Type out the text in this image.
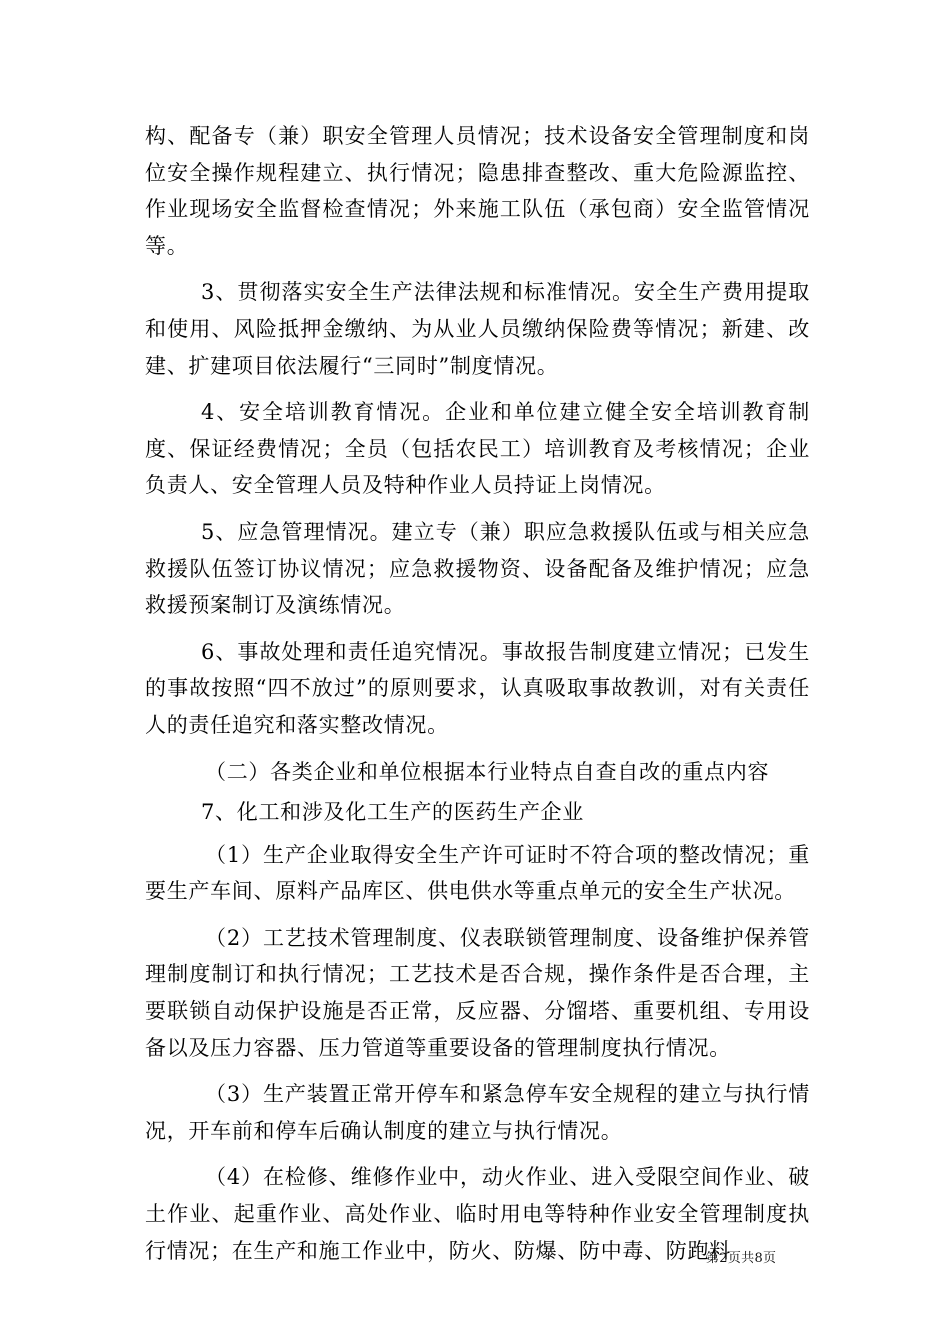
构、配备专（兼）职安全管理人员情况；技术设备安全管理制度和岗位安全操作规程建立、执行情况；隐患排查整改、重大危险源监控、作业现场安全监督检查情况；外来施工队伍（承包商）安全监管情况等。

3、贯彻落实安全生产法律法规和标准情况。安全生产费用提取和使用、风险抵押金缴纳、为从业人员缴纳保险费等情况；新建、改建、扩建项目依法履行“三同时”制度情况。

4、安全培训教育情况。企业和单位建立健全安全培训教育制度、保证经费情况；全员（包括农民工）培训教育及考核情况；企业负责人、安全管理人员及特种作业人员持证上岗情况。

5、应急管理情况。建立专（兼）职应急救援队伍或与相关应急救援队伍签订协议情况；应急救援物资、设备配备及维护情况；应急救援预案制订及演练情况。

6、事故处理和责任追究情况。事故报告制度建立情况；已发生的事故按照“四不放过”的原则要求，认真吸取事故教训，对有关责任人的责任追究和落实整改情况。

（二）各类企业和单位根据本行业特点自查自改的重点内容

7、化工和涉及化工生产的医药生产企业

（1）生产企业取得安全生产许可证时不符合项的整改情况；重要生产车间、原料产品库区、供电供水等重点单元的安全生产状况。

（2）工艺技术管理制度、仪表联锁管理制度、设备维护保养管理制度制订和执行情况；工艺技术是否合规，操作条件是否合理，主要联锁自动保护设施是否正常，反应器、分馏塔、重要机组、专用设备以及压力容器、压力管道等重要设备的管理制度执行情况。

（3）生产装置正常开停车和紧急停车安全规程的建立与执行情况，开车前和停车后确认制度的建立与执行情况。

（4）在检修、维修作业中，动火作业、进入受限空间作业、破土作业、起重作业、高处作业、临时用电等特种作业安全管理制度执行情况；在生产和施工作业中，防火、防爆、防中毒、防跑料

第2页共8页
